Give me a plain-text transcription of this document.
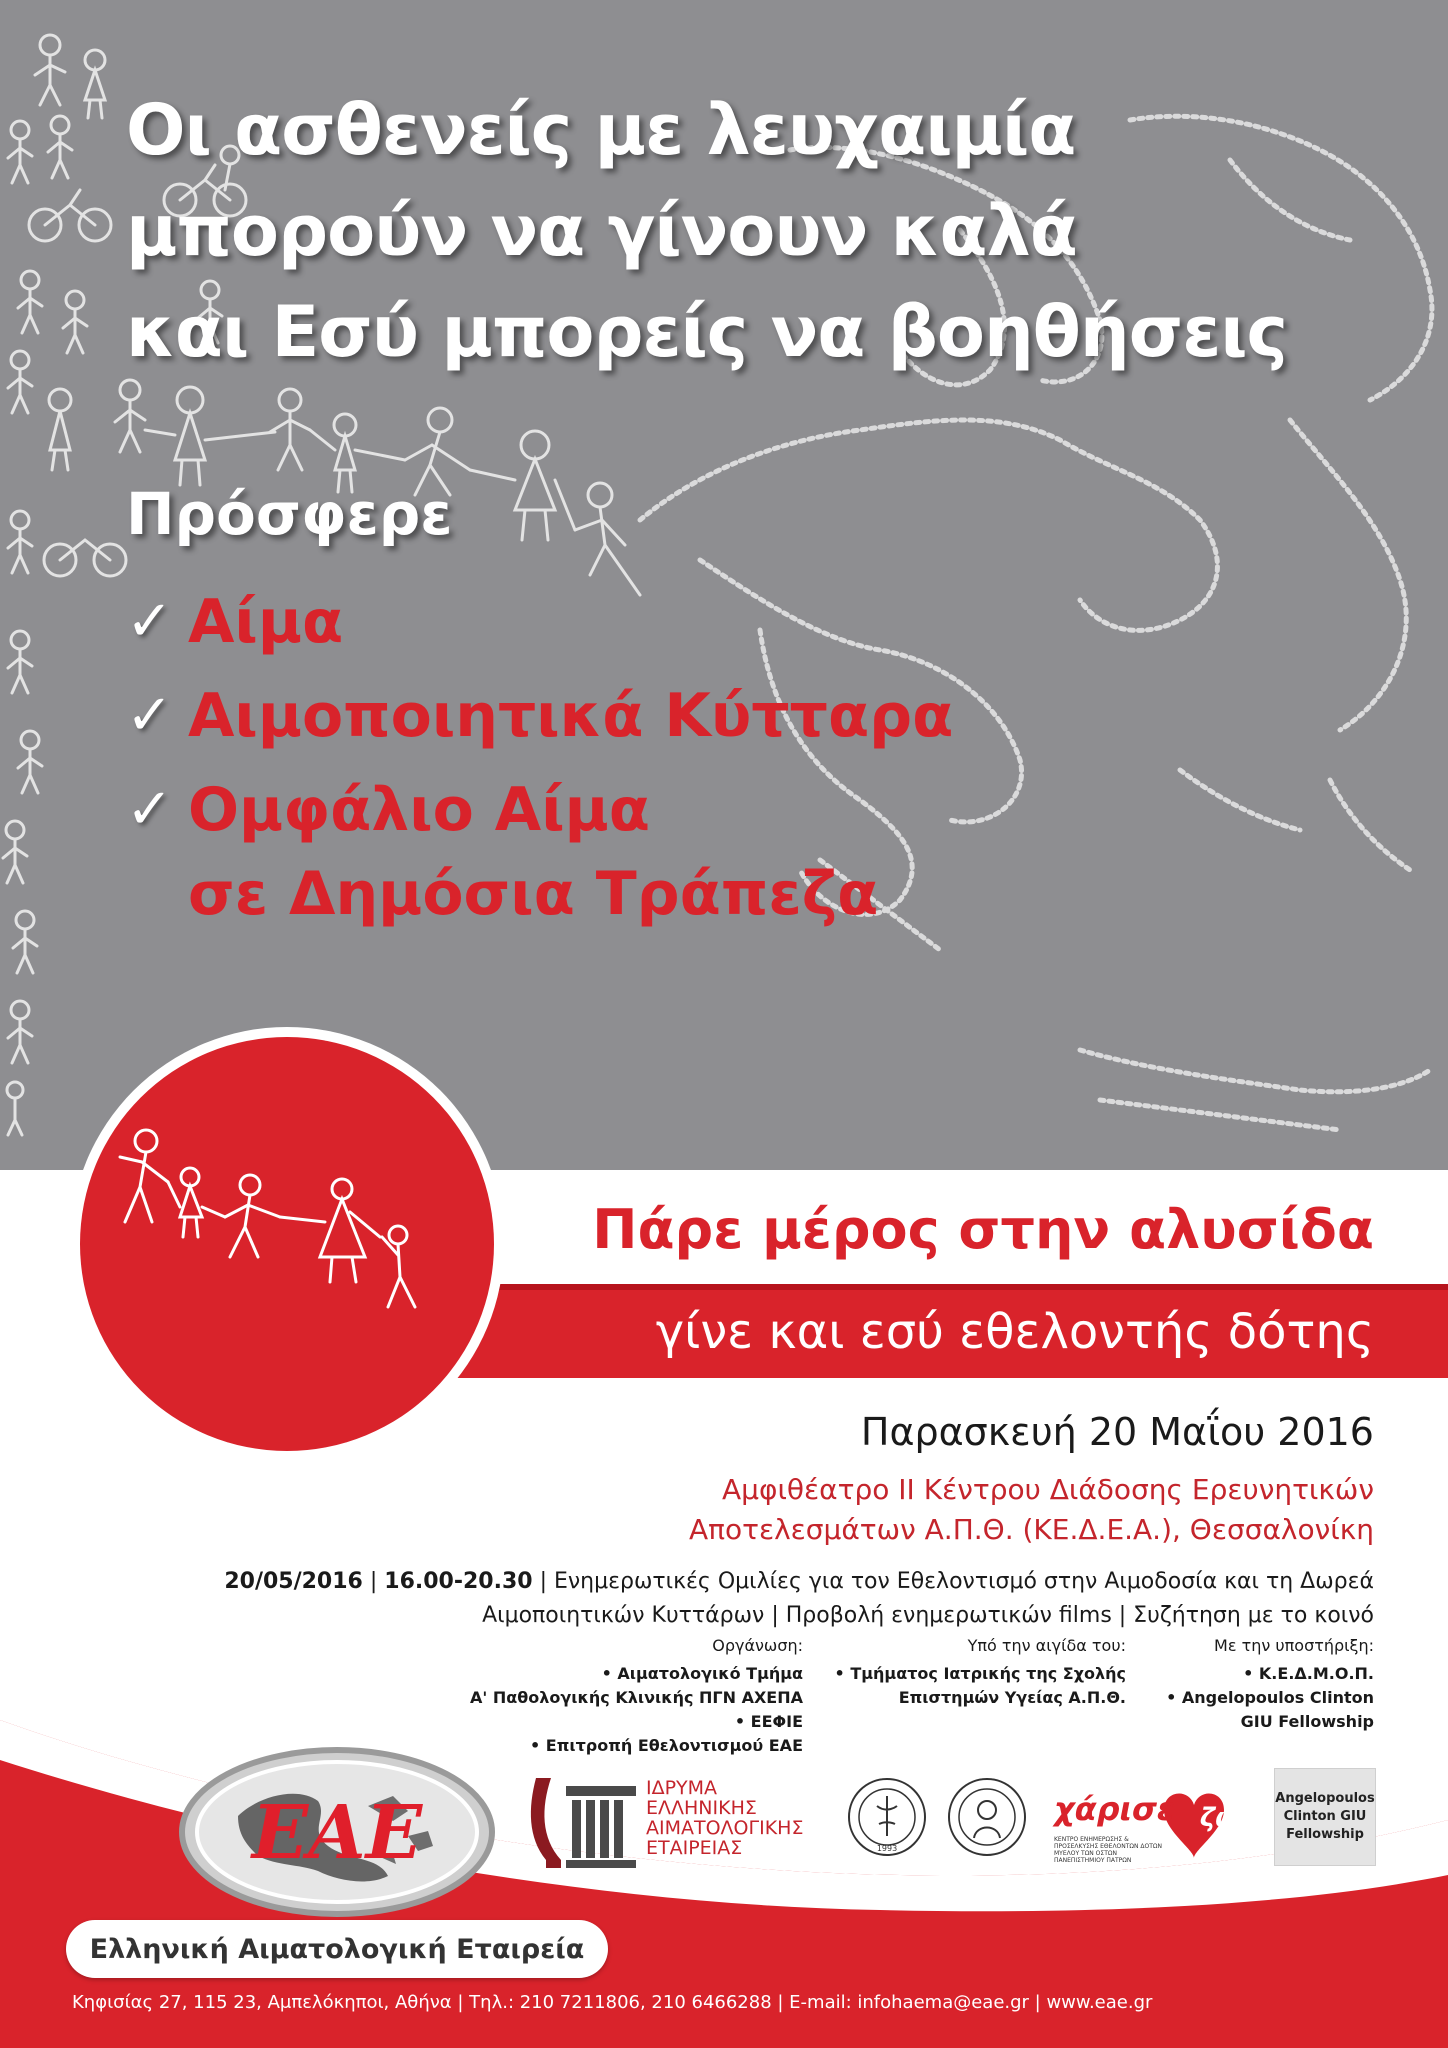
Οι ασθενείς με λευχαιμία
μπορούν να γίνουν καλά
και Εσύ μπορείς να βοηθήσεις
Πρόσφερε
✓ Αίμα
✓ Αιμοποιητικά Κύτταρα
✓ Ομφάλιο Αίμα
σε Δημόσια Τράπεζα
Πάρε μέρος στην αλυσίδα
γίνε και εσύ εθελοντής δότης
Παρασκευή 20 Μαΐου 2016
Αμφιθέατρο ΙΙ Κέντρου Διάδοσης Ερευνητικών
Αποτελεσμάτων Α.Π.Θ. (ΚΕ.Δ.Ε.Α.), Θεσσαλονίκη
20/05/2016 | 16.00-20.30 | Ενημερωτικές Ομιλίες για τον Εθελοντισμό στην Αιμοδοσία και τη Δωρεά
Αιμοποιητικών Κυττάρων | Προβολή ενημερωτικών films | Συζήτηση με το κοινό
Οργάνωση:
• Αιματολογικό Τμήμα
Α' Παθολογικής Κλινικής ΠΓΝ ΑΧΕΠΑ
• ΕΕΦΙΕ
• Επιτροπή Εθελοντισμού ΕΑΕ
Υπό την αιγίδα του:
• Τμήματος Ιατρικής της Σχολής
Επιστημών Υγείας Α.Π.Θ.
Με την υποστήριξη:
• Κ.Ε.Δ.Μ.Ο.Π.
• Angelopoulos Clinton
GIU Fellowship
ΕΑΕ
ΙΔΡΥΜΑ
ΕΛΛΗΝΙΚΗΣ
ΑΙΜΑΤΟΛΟΓΙΚΗΣ
ΕΤΑΙΡΕΙΑΣ	1993
χάρισε ζωή
ΚΕΝΤΡΟ ΕΝΗΜΕΡΩΣΗΣ & ΠΡΟΣΕΛΚΥΣΗΣ ΕΘΕΛΟΝΤΩΝ ΔΟΤΩΝ ΜΥΕΛΟΥ ΤΩΝ ΟΣΤΩΝ ΠΑΝΕΠΙΣΤΗΜΙΟΥ ΠΑΤΡΩΝ
Angelopoulos
Clinton GIU
Fellowship
Ελληνική Αιματολογική Εταιρεία
Κηφισίας 27, 115 23, Αμπελόκηποι, Αθήνα | Τηλ.: 210 7211806, 210 6466288 | E-mail: infohaema@eae.gr | www.eae.gr
